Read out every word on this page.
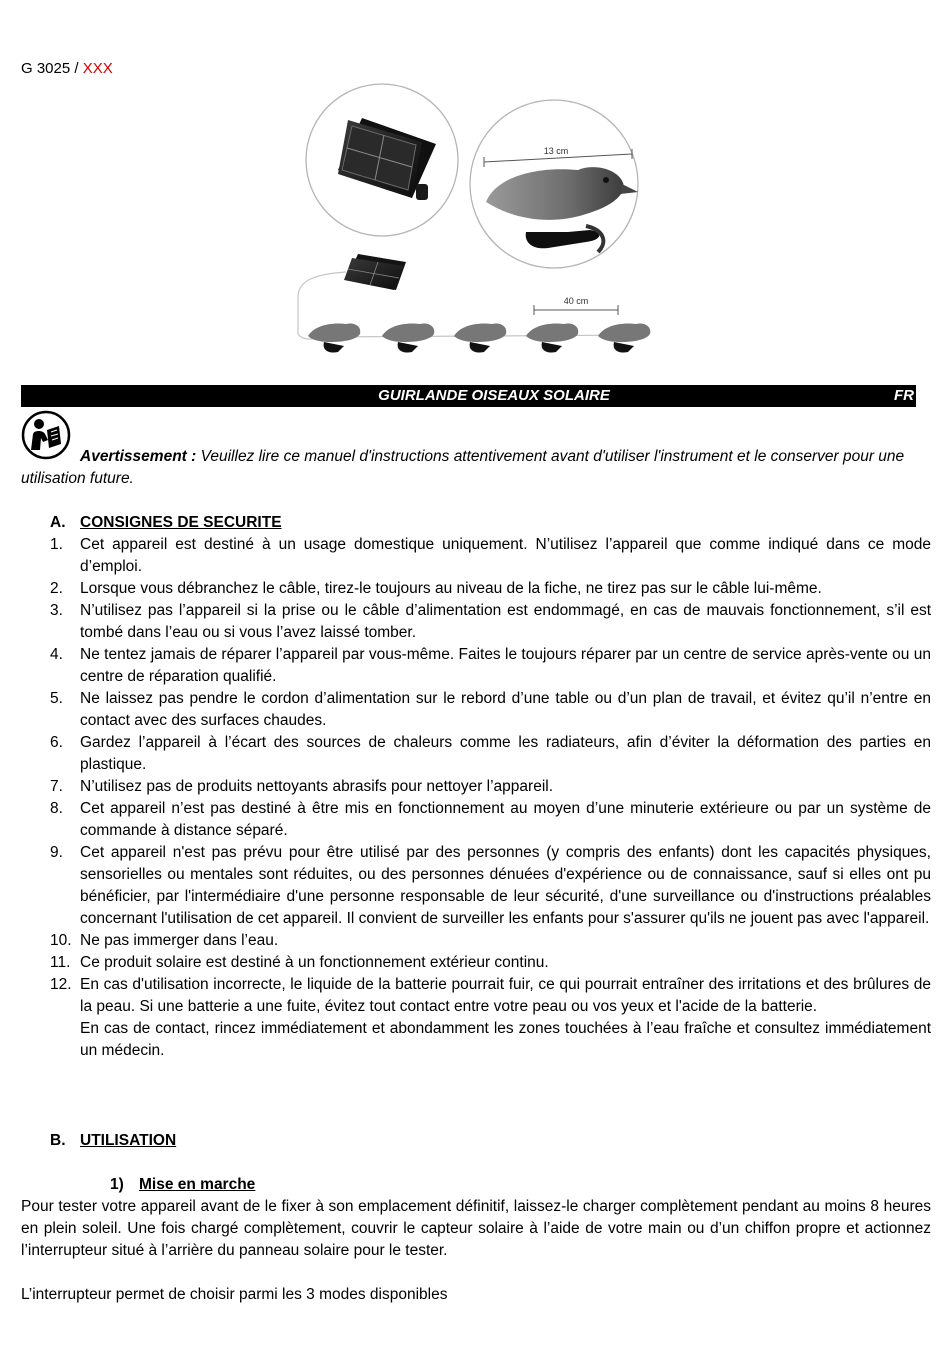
G 3025 / XXX
13 cm
40 cm
GUIRLANDE OISEAUX SOLAIRE	FR
Avertissement : Veuillez lire ce manuel d'instructions attentivement avant d'utiliser l'instrument et le conserver pour une utilisation future.
A. CONSIGNES DE SECURITE
1. Cet appareil est destiné à un usage domestique uniquement. N’utilisez l’appareil que comme indiqué dans ce mode d’emploi.
2. Lorsque vous débranchez le câble, tirez-le toujours au niveau de la fiche, ne tirez pas sur le câble lui-même.
3. N’utilisez pas l’appareil si la prise ou le câble d’alimentation est endommagé, en cas de mauvais fonctionnement, s’il est tombé dans l’eau ou si vous l’avez laissé tomber.
4. Ne tentez jamais de réparer l’appareil par vous-même. Faites le toujours réparer par un centre de service après-vente ou un centre de réparation qualifié.
5. Ne laissez pas pendre le cordon d’alimentation sur le rebord d’une table ou d’un plan de travail, et évitez qu’il n’entre en contact avec des surfaces chaudes.
6. Gardez l’appareil à l’écart des sources de chaleurs comme les radiateurs, afin d’éviter la déformation des parties en plastique.
7. N’utilisez pas de produits nettoyants abrasifs pour nettoyer l’appareil.
8. Cet appareil n’est pas destiné à être mis en fonctionnement au moyen d’une minuterie extérieure ou par un système de commande à distance séparé.
9. Cet appareil n'est pas prévu pour être utilisé par des personnes (y compris des enfants) dont les capacités physiques, sensorielles ou mentales sont réduites, ou des personnes dénuées d'expérience ou de connaissance, sauf si elles ont pu bénéficier, par l'intermédiaire d'une personne responsable de leur sécurité, d'une surveillance ou d'instructions préalables concernant l'utilisation de cet appareil. Il convient de surveiller les enfants pour s'assurer qu'ils ne jouent pas avec l'appareil.
10. Ne pas immerger dans l’eau.
11. Ce produit solaire est destiné à un fonctionnement extérieur continu.
12. En cas d'utilisation incorrecte, le liquide de la batterie pourrait fuir, ce qui pourrait entraîner des irritations et des brûlures de la peau. Si une batterie a une fuite, évitez tout contact entre votre peau ou vos yeux et l'acide de la batterie.
En cas de contact, rincez immédiatement et abondamment les zones touchées à l’eau fraîche et consultez immédiatement un médecin.
B. UTILISATION
1) Mise en marche
Pour tester votre appareil avant de le fixer à son emplacement définitif, laissez-le charger complètement pendant au moins 8 heures en plein soleil. Une fois chargé complètement, couvrir le capteur solaire à l’aide de votre main ou d’un chiffon propre et actionnez l’interrupteur situé à l’arrière du panneau solaire pour le tester.
L’interrupteur permet de choisir parmi les 3 modes disponibles
